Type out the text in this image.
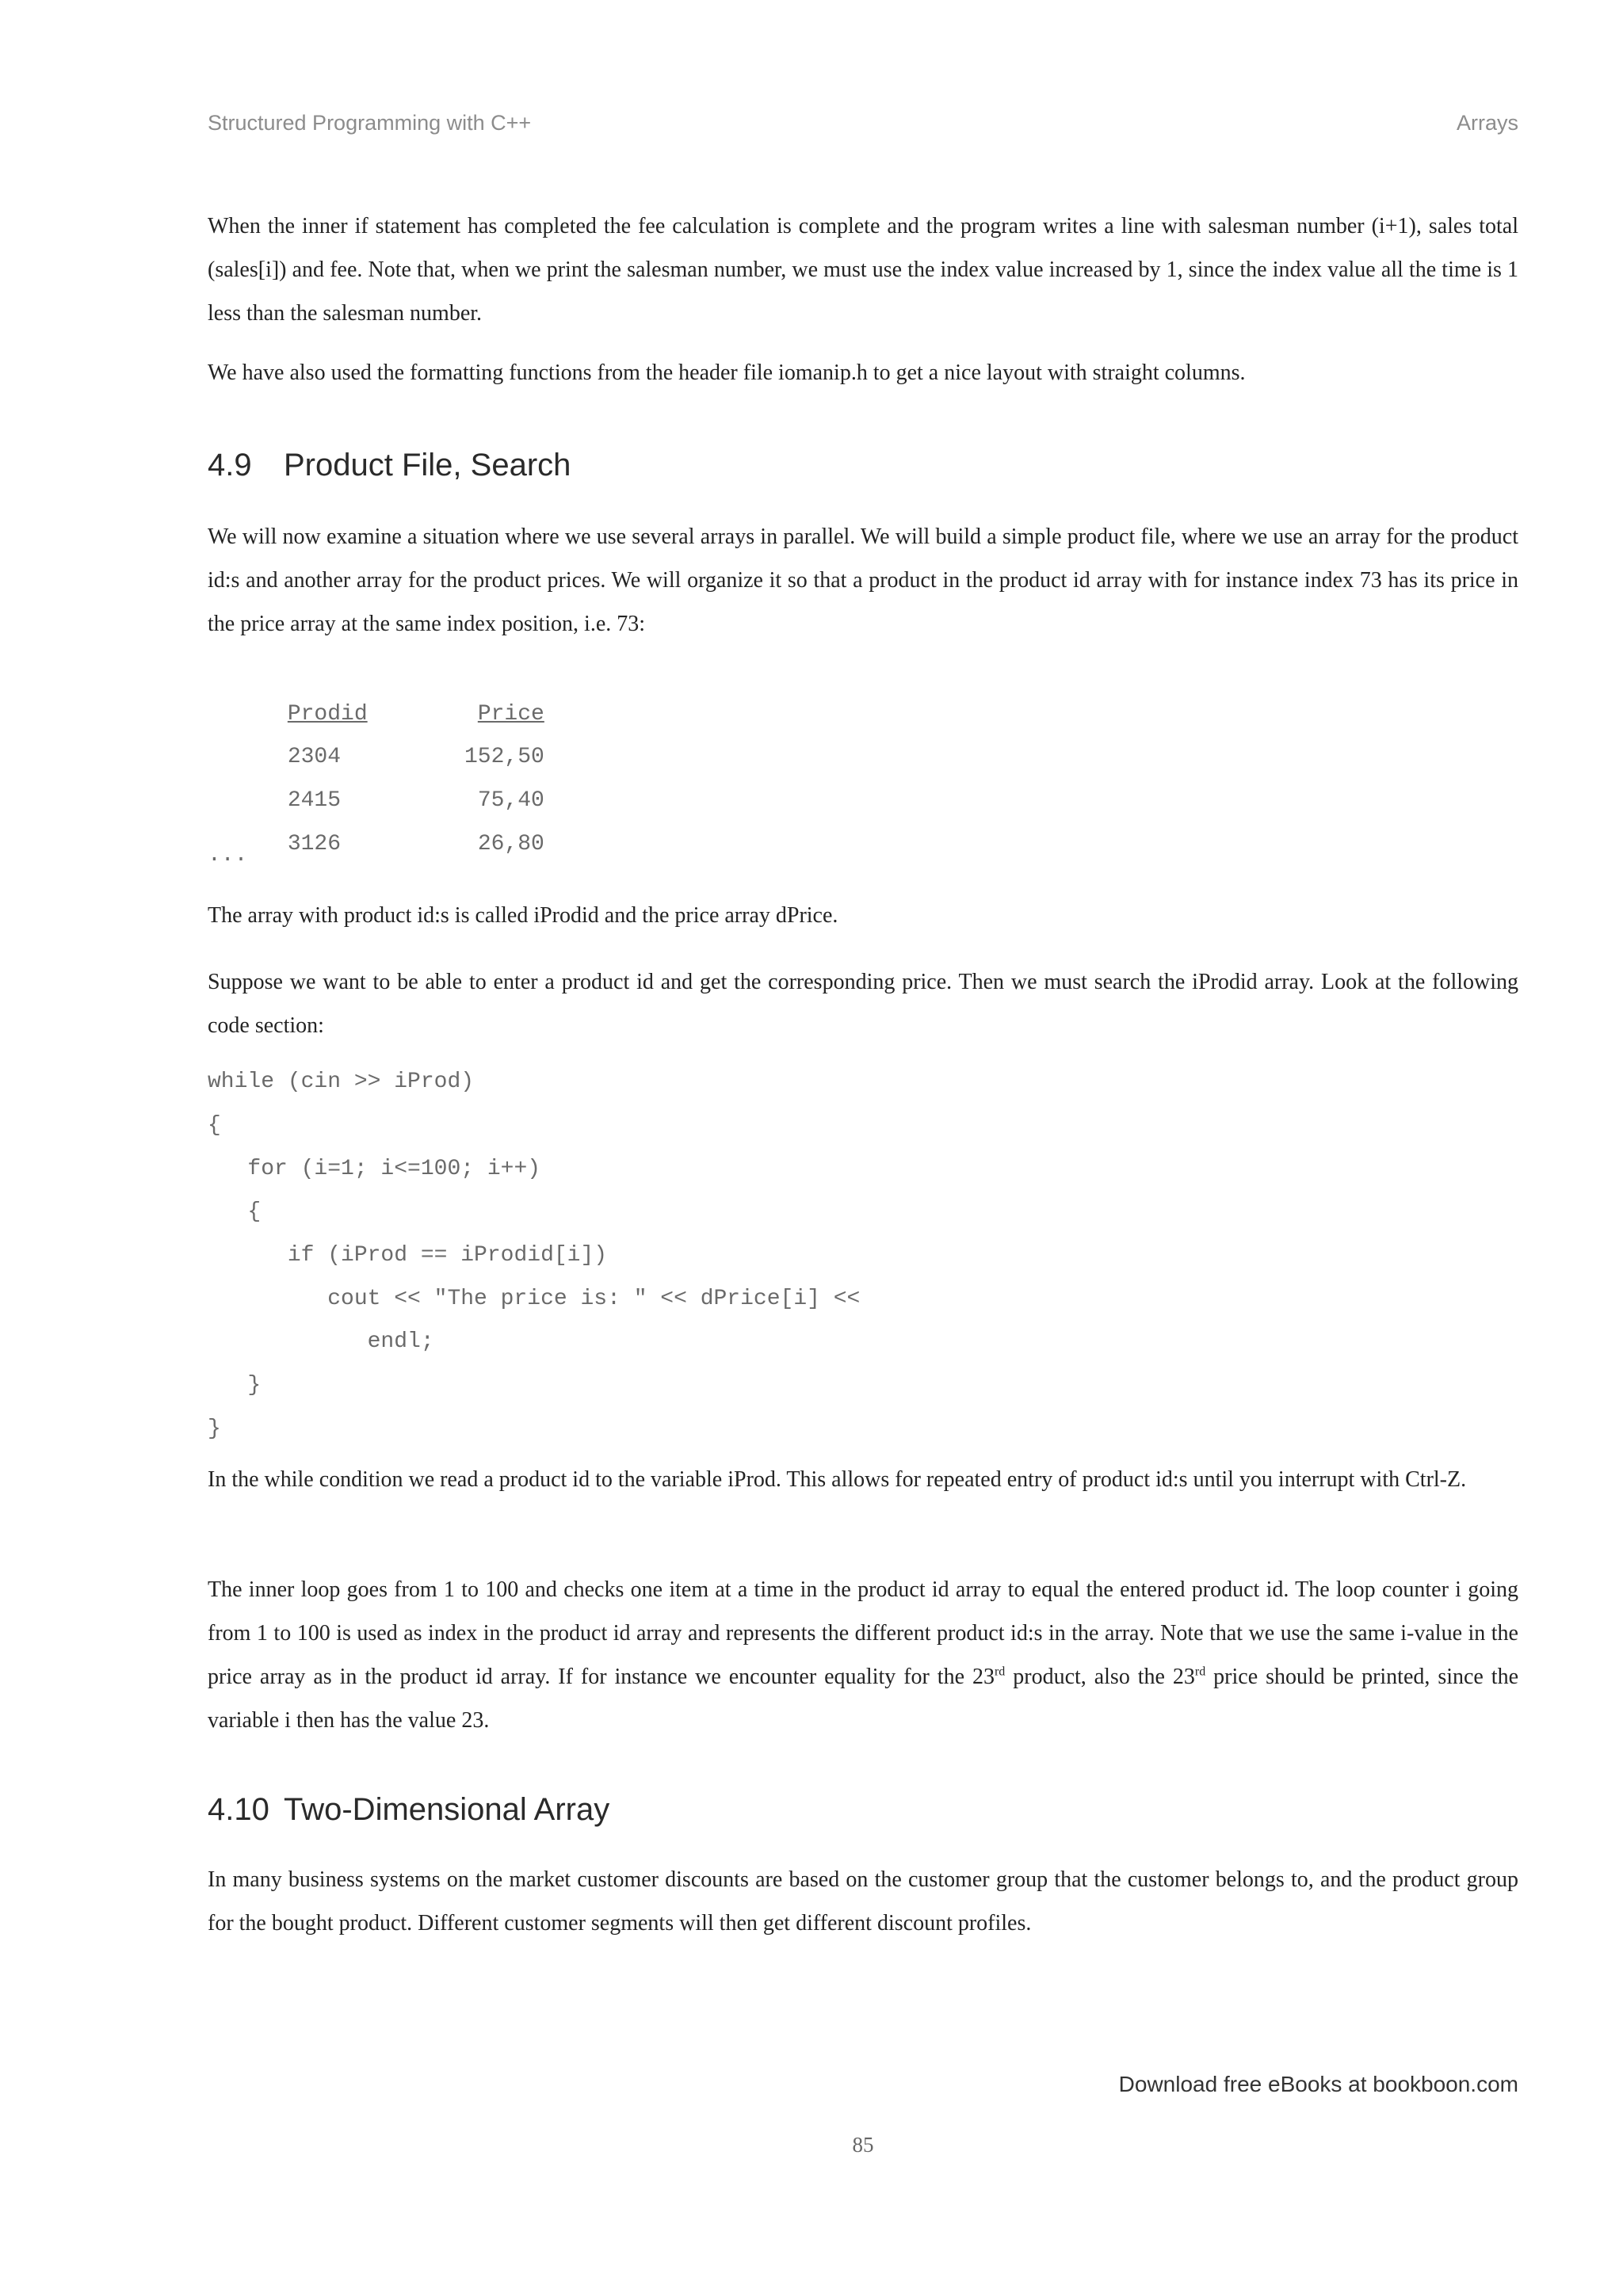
Structured Programming with C++	Arrays

When the inner if statement has completed the fee calculation is complete and the program writes a line with salesman number (i+1), sales total (sales[i]) and fee. Note that, when we print the salesman number, we must use the index value increased by 1, since the index value all the time is 1 less than the salesman number.

We have also used the formatting functions from the header file iomanip.h to get a nice layout with straight columns.

4.9 Product File, Search

We will now examine a situation where we use several arrays in parallel. We will build a simple product file, where we use an array for the product id:s and another array for the product prices. We will organize it so that a product in the product id array with for instance index 73 has its price in the price array at the same index position, i.e. 73:

Prodid	Price

2304	152,50

2415	75,40

3126	26,80

...

The array with product id:s is called iProdid and the price array dPrice.

Suppose we want to be able to enter a product id and get the corresponding price. Then we must search the iProdid array. Look at the following code section:

while (cin >> iProd)
{
for (i=1; i<=100; i++)
{
if (iProd == iProdid[i])
cout << "The price is: " << dPrice[i] <<
endl;
}
}

In the while condition we read a product id to the variable iProd. This allows for repeated entry of product id:s until you interrupt with Ctrl-Z.

The inner loop goes from 1 to 100 and checks one item at a time in the product id array to equal the entered product id. The loop counter i going from 1 to 100 is used as index in the product id array and represents the different product id:s in the array. Note that we use the same i-value in the price array as in the product id array. If for instance we encounter equality for the 23rd product, also the 23rd price should be printed, since the variable i then has the value 23.

4.10 Two-Dimensional Array

In many business systems on the market customer discounts are based on the customer group that the customer belongs to, and the product group for the bought product. Different customer segments will then get different discount profiles.

Download free eBooks at bookboon.com
85
